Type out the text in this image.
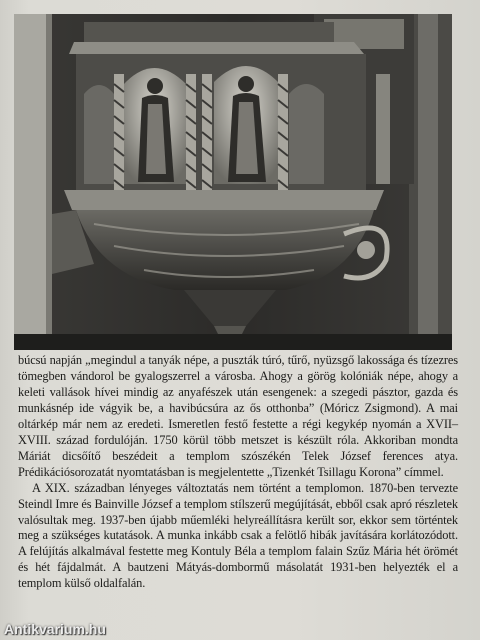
búcsú napján „megindul a tanyák népe, a puszták túró, tűrő, nyüzsgő lakossága és tízezres tömegben vándorol be gyalogszerrel a városba. Ahogy a görög kolóniák népe, ahogy a keleti vallások hívei mindig az anyafészek után esengenek: a szegedi pásztor, gazda és munkásnép ide vágyik be, a havibúcsúra az ős otthonba” (Móricz Zsigmond). A mai oltárkép már nem az eredeti. Ismeretlen festő festette a régi kegykép nyomán a XVII–XVIII. század fordulóján. 1750 körül több metszet is készült róla. Akkoriban mondta Máriát dicsőítő beszédeit a templom szószékén Telek József ferences atya. Prédikációsorozatát nyomtatásban is megjelentette „Tizenkét Tsillagu Korona” címmel.

A XIX. században lényeges változtatás nem történt a templomon. 1870-ben tervezte Steindl Imre és Bainville József a templom stílszerű megújítását, ebből csak apró részletek valósultak meg. 1937-ben újabb műemléki helyreállításra került sor, ekkor sem történtek meg a szükséges kutatások. A munka inkább csak a felötlő hibák javítására korlátozódott. A felújítás alkalmával festette meg Kontuly Béla a templom falain Szűz Mária hét örömét és hét fájdalmát. A bautzeni Mátyás-dombormű másolatát 1931-ben helyezték el a templom külső oldalfalán.

Antikvarium.hu
